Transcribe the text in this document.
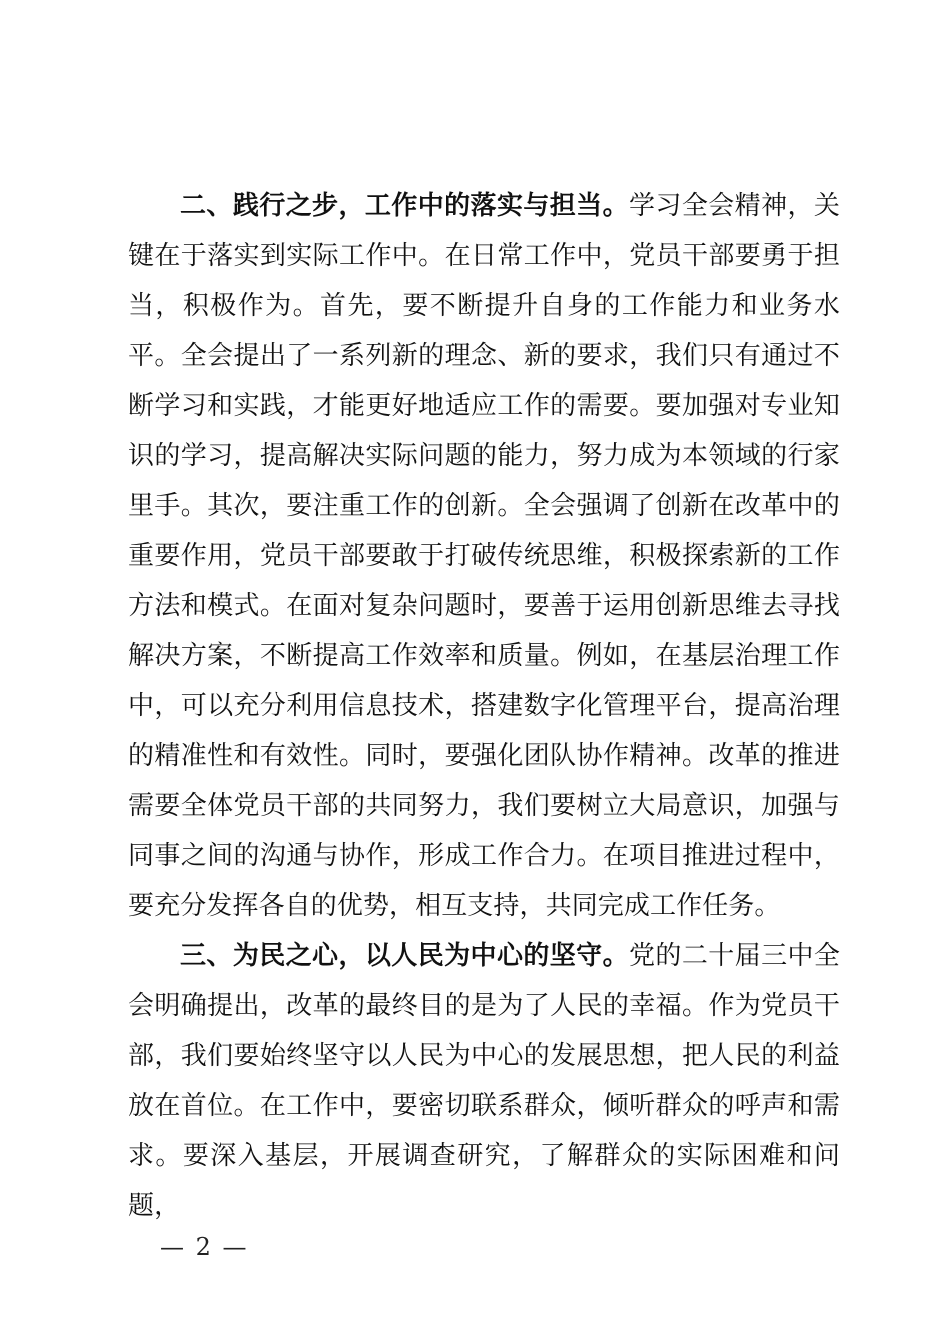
二、践行之步，工作中的落实与担当。学习全会精神，关键在于落实到实际工作中。在日常工作中，党员干部要勇于担当，积极作为。首先，要不断提升自身的工作能力和业务水平。全会提出了一系列新的理念、新的要求，我们只有通过不断学习和实践，才能更好地适应工作的需要。要加强对专业知识的学习，提高解决实际问题的能力，努力成为本领域的行家里手。其次，要注重工作的创新。全会强调了创新在改革中的重要作用，党员干部要敢于打破传统思维，积极探索新的工作方法和模式。在面对复杂问题时，要善于运用创新思维去寻找解决方案，不断提高工作效率和质量。例如，在基层治理工作中，可以充分利用信息技术，搭建数字化管理平台，提高治理的精准性和有效性。同时，要强化团队协作精神。改革的推进需要全体党员干部的共同努力，我们要树立大局意识，加强与同事之间的沟通与协作，形成工作合力。在项目推进过程中，要充分发挥各自的优势，相互支持，共同完成工作任务。

三、为民之心，以人民为中心的坚守。党的二十届三中全会明确提出，改革的最终目的是为了人民的幸福。作为党员干部，我们要始终坚守以人民为中心的发展思想，把人民的利益放在首位。在工作中，要密切联系群众，倾听群众的呼声和需求。要深入基层，开展调查研究，了解群众的实际困难和问题，

— 2 —
